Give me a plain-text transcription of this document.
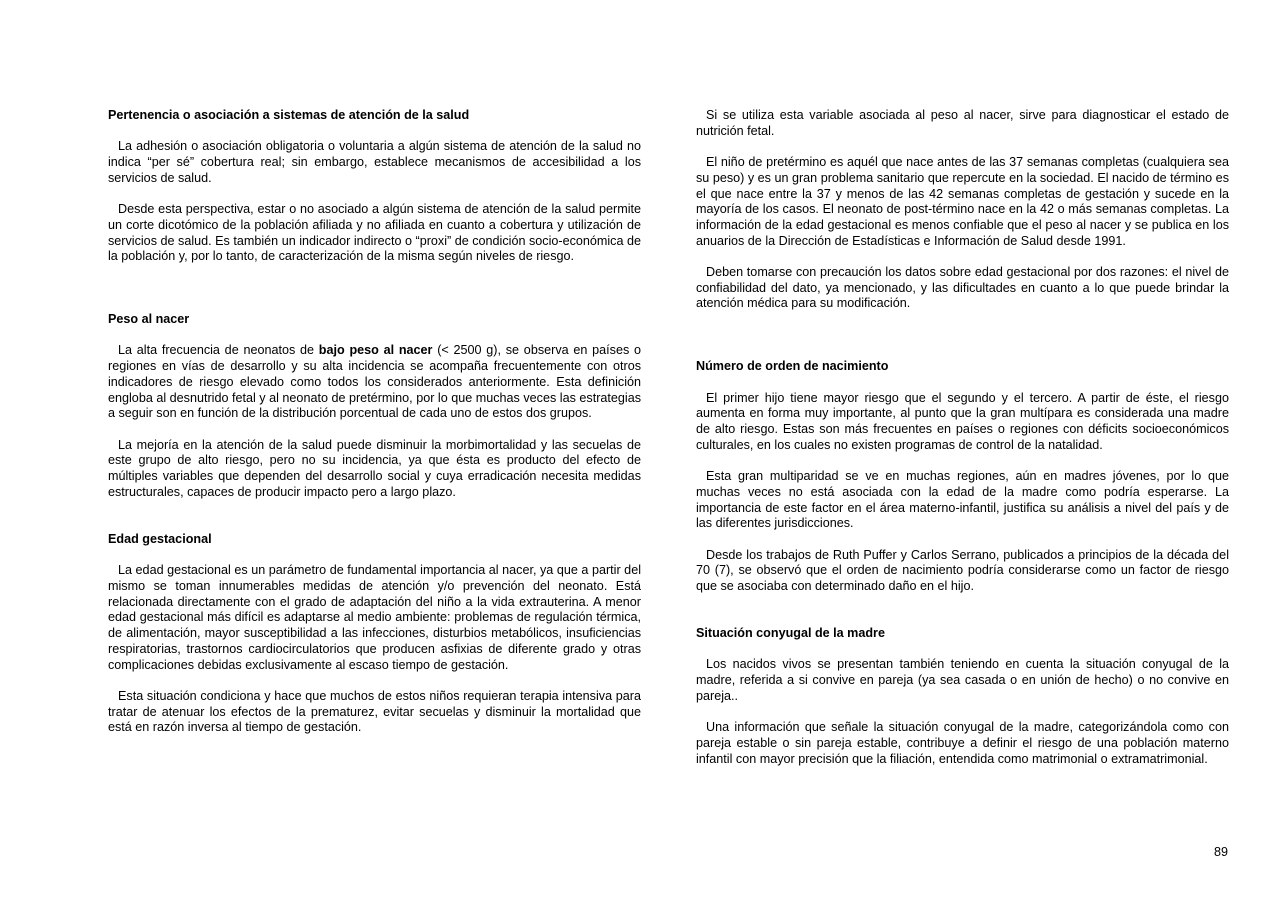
Pertenencia o asociación a sistemas de atención de la salud

La adhesión o asociación obligatoria o voluntaria a algún sistema de atención de la salud no indica “per sé” cobertura real; sin embargo, establece mecanismos de accesibilidad a los servicios de salud.

Desde esta perspectiva, estar o no asociado a algún sistema de atención de la salud permite un corte dicotómico de la población afiliada y no afiliada en cuanto a cobertura y utilización de servicios de salud. Es también un indicador indirecto o “proxi” de condición socio-económica de la población y, por lo tanto, de caracterización de la misma según niveles de riesgo.

Peso al nacer

La alta frecuencia de neonatos de bajo peso al nacer (< 2500 g), se observa en países o regiones en vías de desarrollo y su alta incidencia se acompaña frecuentemente con otros indicadores de riesgo elevado como todos los considerados anteriormente. Esta definición engloba al desnutrido fetal y al neonato de pretérmino, por lo que muchas veces las estrategias a seguir son en función de la distribución porcentual de cada uno de estos dos grupos.

La mejoría en la atención de la salud puede disminuir la morbimortalidad y las secuelas de este grupo de alto riesgo, pero no su incidencia, ya que ésta es producto del efecto de múltiples variables que dependen del desarrollo social y cuya erradicación necesita medidas estructurales, capaces de producir impacto pero a largo plazo.

Edad gestacional

La edad gestacional es un parámetro de fundamental importancia al nacer, ya que a partir del mismo se toman innumerables medidas de atención y/o prevención del neonato. Está relacionada directamente con el grado de adaptación del niño a la vida extrauterina. A menor edad gestacional más difícil es adaptarse al medio ambiente: problemas de regulación térmica, de alimentación, mayor susceptibilidad a las infecciones, disturbios metabólicos, insuficiencias respiratorias, trastornos cardiocirculatorios que producen asfixias de diferente grado y otras complicaciones debidas exclusivamente al escaso tiempo de gestación.

Esta situación condiciona y hace que muchos de estos niños requieran terapia intensiva para tratar de atenuar los efectos de la prematurez, evitar secuelas y disminuir la mortalidad que está en razón inversa al tiempo de gestación.

Si se utiliza esta variable asociada al peso al nacer, sirve para diagnosticar el estado de nutrición fetal.

El niño de pretérmino es aquél que nace antes de las 37 semanas completas (cualquiera sea su peso) y es un gran problema sanitario que repercute en la sociedad. El nacido de término es el que nace entre la 37 y menos de las 42 semanas completas de gestación y sucede en la mayoría de los casos. El neonato de post-término nace en la 42 o más semanas completas. La información de la edad gestacional es menos confiable que el peso al nacer y se publica en los anuarios de la Dirección de Estadísticas e Información de Salud desde 1991.

Deben tomarse con precaución los datos sobre edad gestacional por dos razones: el nivel de confiabilidad del dato, ya mencionado, y las dificultades en cuanto a lo que puede brindar la atención médica para su modificación.

Número de orden de nacimiento

El primer hijo tiene mayor riesgo que el segundo y el tercero. A partir de éste, el riesgo aumenta en forma muy importante, al punto que la gran multípara es considerada una madre de alto riesgo. Estas son más frecuentes en países o regiones con déficits socioeconómicos culturales, en los cuales no existen programas de control de la natalidad.

Esta gran multiparidad se ve en muchas regiones, aún en madres jóvenes, por lo que muchas veces no está asociada con la edad de la madre como podría esperarse. La importancia de este factor en el área materno-infantil, justifica su análisis a nivel del país y de las diferentes jurisdicciones.

Desde los trabajos de Ruth Puffer y Carlos Serrano, publicados a principios de la década del 70 (7), se observó que el orden de nacimiento podría considerarse como un factor de riesgo que se asociaba con determinado daño en el hijo.

Situación conyugal de la madre

Los nacidos vivos se presentan también teniendo en cuenta la situación conyugal de la madre, referida a si convive en pareja (ya sea casada o en unión de hecho) o no convive en pareja..

Una información que señale la situación conyugal de la madre, categorizándola como con pareja estable o sin pareja estable, contribuye a definir el riesgo de una población materno infantil con mayor precisión que la filiación, entendida como matrimonial o extramatrimonial.

89
